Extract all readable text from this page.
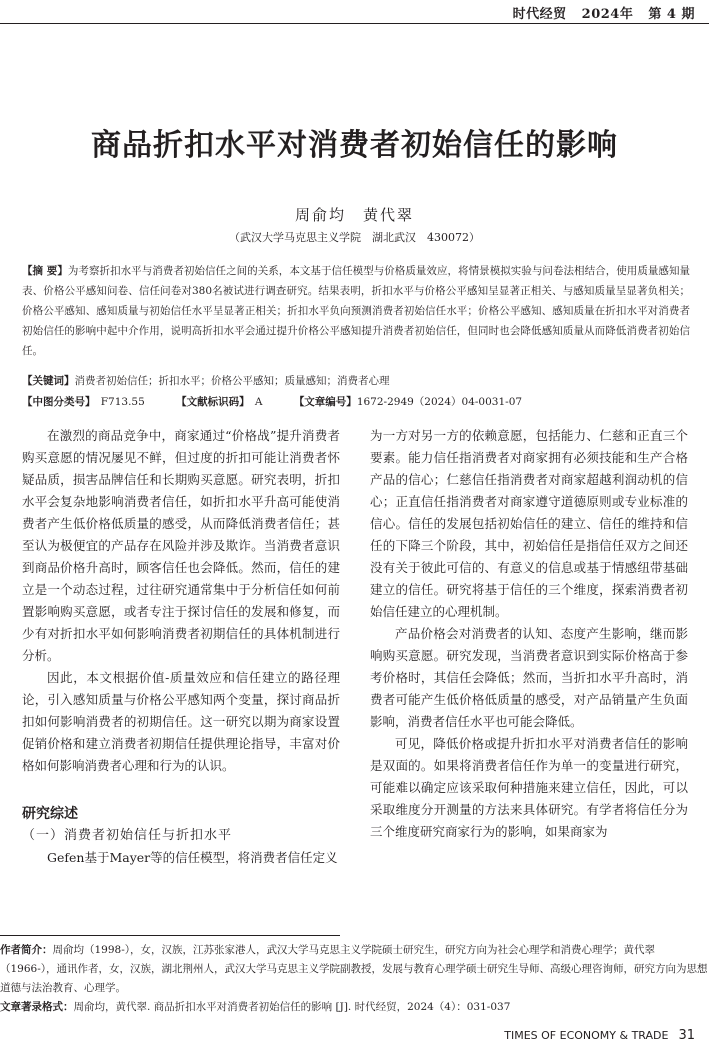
时代经贸 2024年 第 4 期
商品折扣水平对消费者初始信任的影响
周俞均　黄代翠
（武汉大学马克思主义学院　湖北武汉　430072）
【摘 要】为考察折扣水平与消费者初始信任之间的关系，本文基于信任模型与价格质量效应，将情景模拟实验与问卷法相结合，使用质量感知量表、价格公平感知问卷、信任问卷对380名被试进行调查研究。结果表明，折扣水平与价格公平感知呈显著正相关、与感知质量呈显著负相关；价格公平感知、感知质量与初始信任水平呈显著正相关；折扣水平负向预测消费者初始信任水平；价格公平感知、感知质量在折扣水平对消费者初始信任的影响中起中介作用，说明高折扣水平会通过提升价格公平感知提升消费者初始信任，但同时也会降低感知质量从而降低消费者初始信任。
【关键词】消费者初始信任；折扣水平；价格公平感知；质量感知；消费者心理
【中图分类号】　 F713.55	【文献标识码】　 A	【文章编号】1672-2949（2024）04-0031-07

在激烈的商品竞争中，商家通过“价格战”提升消费者购买意愿的情况屡见不鲜，但过度的折扣可能让消费者怀疑品质，损害品牌信任和长期购买意愿。研究表明，折扣水平会复杂地影响消费者信任，如折扣水平升高可能使消费者产生低价格低质量的感受，从而降低消费者信任；甚至认为极便宜的产品存在风险并涉及欺诈。当消费者意识到商品价格升高时，顾客信任也会降低。然而，信任的建立是一个动态过程，过往研究通常集中于分析信任如何前置影响购买意愿，或者专注于探讨信任的发展和修复，而少有对折扣水平如何影响消费者初期信任的具体机制进行分析。

因此，本文根据价值-质量效应和信任建立的路径理论，引入感知质量与价格公平感知两个变量，探讨商品折扣如何影响消费者的初期信任。这一研究以期为商家设置促销价格和建立消费者初期信任提供理论指导，丰富对价格如何影响消费者心理和行为的认识。

研究综述

（一）消费者初始信任与折扣水平

Gefen基于Mayer等的信任模型，将消费者信任定义

为一方对另一方的依赖意愿，包括能力、仁慈和正直三个要素。能力信任指消费者对商家拥有必须技能和生产合格产品的信心；仁慈信任指消费者对商家超越利润动机的信心；正直信任指消费者对商家遵守道德原则或专业标准的信心。信任的发展包括初始信任的建立、信任的维持和信任的下降三个阶段，其中，初始信任是指信任双方之间还没有关于彼此可信的、有意义的信息或基于情感纽带基础建立的信任。研究将基于信任的三个维度，探索消费者初始信任建立的心理机制。

产品价格会对消费者的认知、态度产生影响，继而影响购买意愿。研究发现，当消费者意识到实际价格高于参考价格时，其信任会降低；然而，当折扣水平升高时，消费者可能产生低价格低质量的感受，对产品销量产生负面影响，消费者信任水平也可能会降低。

可见，降低价格或提升折扣水平对消费者信任的影响是双面的。如果将消费者信任作为单一的变量进行研究，可能难以确定应该采取何种措施来建立信任，因此，可以采取维度分开测量的方法来具体研究。有学者将信任分为三个维度研究商家行为的影响，如果商家为

作者简介：周俞均（1998-），女，汉族，江苏张家港人，武汉大学马克思主义学院硕士研究生，研究方向为社会心理学和消费心理学；黄代翠（1966-），通讯作者，女，汉族，湖北荆州人，武汉大学马克思主义学院副教授，发展与教育心理学硕士研究生导师、高级心理咨询师，研究方向为思想道德与法治教育、心理学。
文章著录格式：周俞均，黄代翠. 商品折扣水平对消费者初始信任的影响 [J]. 时代经贸，2024（4）：031-037
TIMES OF ECONOMY & TRADE 31
